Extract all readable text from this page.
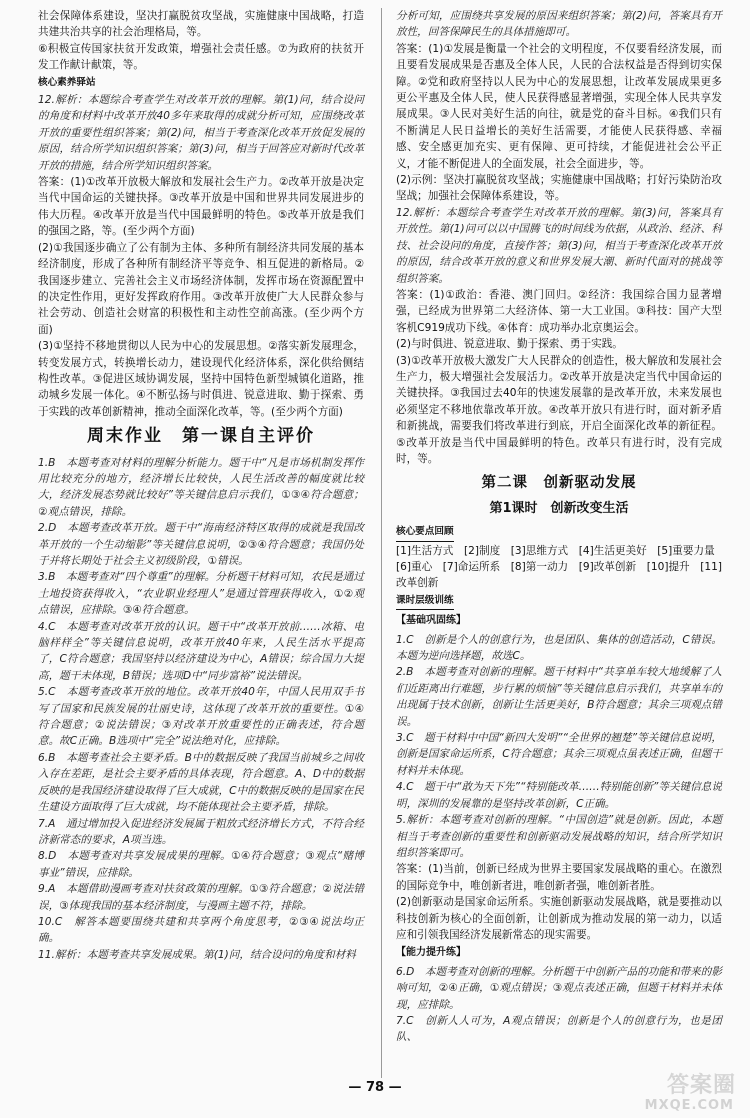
社会保障体系建设，坚决打赢脱贫攻坚战，实施健康中国战略，打造共建共治共享的社会治理格局，等。

⑥积极宣传国家扶贫开发政策，增强社会责任感。⑦为政府的扶贫开发工作献计献策，等。

核心素养驿站

12.解析：本题综合考查学生对改革开放的理解。第(1)问，结合设问的角度和材料中改革开放40多年来取得的成就分析可知，应围绕改革开放的重要性组织答案；第(2)问，相当于考查深化改革开放促发展的原因，结合所学知识组织答案；第(3)问，相当于回答应对新时代改革开放的措施，结合所学知识组织答案。

答案：(1)①改革开放极大解放和发展社会生产力。②改革开放是决定当代中国命运的关键抉择。③改革开放是中国和世界共同发展进步的伟大历程。④改革开放是当代中国最鲜明的特色。⑤改革开放是我们的强国之路，等。(至少两个方面)

(2)①我国逐步确立了公有制为主体、多种所有制经济共同发展的基本经济制度，形成了各种所有制经济平等竞争、相互促进的新格局。②我国逐步建立、完善社会主义市场经济体制，发挥市场在资源配置中的决定性作用，更好发挥政府作用。③改革开放使广大人民群众参与社会劳动、创造社会财富的积极性和主动性空前高涨。(至少两个方面)

(3)①坚持不移地贯彻以人民为中心的发展思想。②落实新发展理念，转变发展方式，转换增长动力，建设现代化经济体系，深化供给侧结构性改革。③促进区域协调发展，坚持中国特色新型城镇化道路，推动城乡发展一体化。④不断弘扬与时俱进、锐意进取、勤于探索、勇于实践的改革创新精神，推动全面深化改革，等。(至少两个方面)

周末作业　第一课自主评价

1.B　本题考查对材料的理解分析能力。题干中“凡是市场机制发挥作用比较充分的地方，经济增长比较快，人民生活改善的幅度就比较大，经济发展态势就比较好”等关键信息启示我们，①③④符合题意；②观点错误，排除。

2.D　本题考查改革开放。题干中“海南经济特区取得的成就是我国改革开放的一个生动缩影”等关键信息说明，②③④符合题意；我国仍处于并将长期处于社会主义初级阶段，①错误。

3.B　本题考查对“四个尊重”的理解。分析题干材料可知，农民是通过土地投资获得收入，“农业职业经理人”是通过管理获得收入，①②观点错误，应排除。③④符合题意。

4.C　本题考查对改革开放的认识。题干中“改革开放前……冰箱、电脑样样全”等关键信息说明，改革开放40年来，人民生活水平提高了，C符合题意；我国坚持以经济建设为中心，A错误；综合国力大提高，题干未体现，B错误；选项D中“同步富裕”说法错误。

5.C　本题考查改革开放的地位。改革开放40年，中国人民用双手书写了国家和民族发展的壮丽史诗，这体现了改革开放的重要性。①④符合题意；②说法错误；③对改革开放重要性的正确表述，符合题意。故C正确。B选项中“完全”说法绝对化，应排除。

6.B　本题考查社会主要矛盾。B中的数据反映了我国当前城乡之间收入存在差距，是社会主要矛盾的具体表现，符合题意。A、D中的数据反映的是我国经济建设取得了巨大成就，C中的数据反映的是国家在民生建设方面取得了巨大成就，均不能体现社会主要矛盾，排除。

7.A　通过增加投入促进经济发展属于粗放式经济增长方式，不符合经济新常态的要求，A项当选。

8.D　本题考查对共享发展成果的理解。①④符合题意；③观点“赌博事业”错误，应排除。

9.A　本题借助漫画考查对扶贫政策的理解。①③符合题意；②说法错误，③体现我国的基本经济制度，与漫画主题不符，排除。

10.C　解答本题要围绕共建和共享两个角度思考，②③④说法均正确。

11.解析：本题考查共享发展成果。第(1)问，结合设问的角度和材料

分析可知，应围绕共享发展的原因来组织答案；第(2)问，答案具有开放性，回答保障民生的具体措施即可。

答案：(1)①发展是衡量一个社会的文明程度，不仅要看经济发展，而且要看发展成果是否惠及全体人民，人民的合法权益是否得到切实保障。②党和政府坚持以人民为中心的发展思想，让改革发展成果更多更公平惠及全体人民，使人民获得感显著增强，实现全体人民共享发展成果。③人民对美好生活的向往，就是党的奋斗目标。④我们只有不断满足人民日益增长的美好生活需要，才能使人民获得感、幸福感、安全感更加充实、更有保障、更可持续，才能促进社会公平正义，才能不断促进人的全面发展，社会全面进步，等。

(2)示例：坚决打赢脱贫攻坚战；实施健康中国战略；打好污染防治攻坚战；加强社会保障体系建设，等。

12.解析：本题综合考查学生对改革开放的理解。第(3)问，答案具有开放性。第(1)问可以以中国腾飞的时间线为依据，从政治、经济、科技、社会设问的角度，直接作答；第(3)问，相当于考查深化改革开放的原因，结合改革开放的意义和世界发展大潮、新时代面对的挑战等组织答案。

答案：(1)①政治：香港、澳门回归。②经济：我国综合国力显著增强，已经成为世界第二大经济体、第一大工业国。③科技：国产大型客机C919成功下线。④体育：成功举办北京奥运会。

(2)与时俱进、锐意进取、勤于探索、勇于实践。

(3)①改革开放极大激发广大人民群众的创造性，极大解放和发展社会生产力，极大增强社会发展活力。②改革开放是决定当代中国命运的关键抉择。③我国过去40年的快速发展靠的是改革开放，未来发展也必须坚定不移地依靠改革开放。④改革开放只有进行时，面对新矛盾和新挑战，需要我们将改革进行到底，开启全面深化改革的新征程。⑤改革开放是当代中国最鲜明的特色。改革只有进行时，没有完成时，等。

第二课　创新驱动发展

第1课时　创新改变生活

核心要点回顾

[1]生活方式　[2]制度　[3]思维方式　[4]生活更美好　[5]重要力量　[6]重心　[7]命运所系　[8]第一动力　[9]改革创新　[10]提升　[11]改革创新

课时层级训练

【基础巩固练】

1.C　创新是个人的创意行为，也是团队、集体的创造活动，C错误。本题为逆向选择题，故选C。

2.B　本题考查对创新的理解。题干材料中“共享单车较大地缓解了人们近距离出行难题，步行累的烦恼”等关键信息启示我们，共享单车的出现属于技术创新，创新让生活更美好，B符合题意；其余三项观点错误。

3.C　题干材料中中国“新四大发明”“全世界的翘楚”等关键信息说明，创新是国家命运所系，C符合题意；其余三项观点虽表述正确，但题干材料并未体现。

4.C　题干中“敢为天下先”“特别能改革……特别能创新”等关键信息说明，深圳的发展靠的是坚持改革创新，C正确。

5.解析：本题考查对创新的理解。“中国创造”就是创新。因此，本题相当于考查创新的重要性和创新驱动发展战略的知识，结合所学知识组织答案即可。

答案：(1)当前，创新已经成为世界主要国家发展战略的重心。在激烈的国际竞争中，唯创新者进，唯创新者强，唯创新者胜。

(2)创新驱动是国家命运所系。实施创新驱动发展战略，就是要推动以科技创新为核心的全面创新，让创新成为推动发展的第一动力，以适应和引领我国经济发展新常态的现实需要。

【能力提升练】

6.D　本题考查对创新的理解。分析题干中创新产品的功能和带来的影响可知，②④正确，①观点错误；③观点表述正确，但题干材料并未体现，应排除。

7.C　创新人人可为，A观点错误；创新是个人的创意行为，也是团队、

— 78 —	答案圈
MXQE.COM
